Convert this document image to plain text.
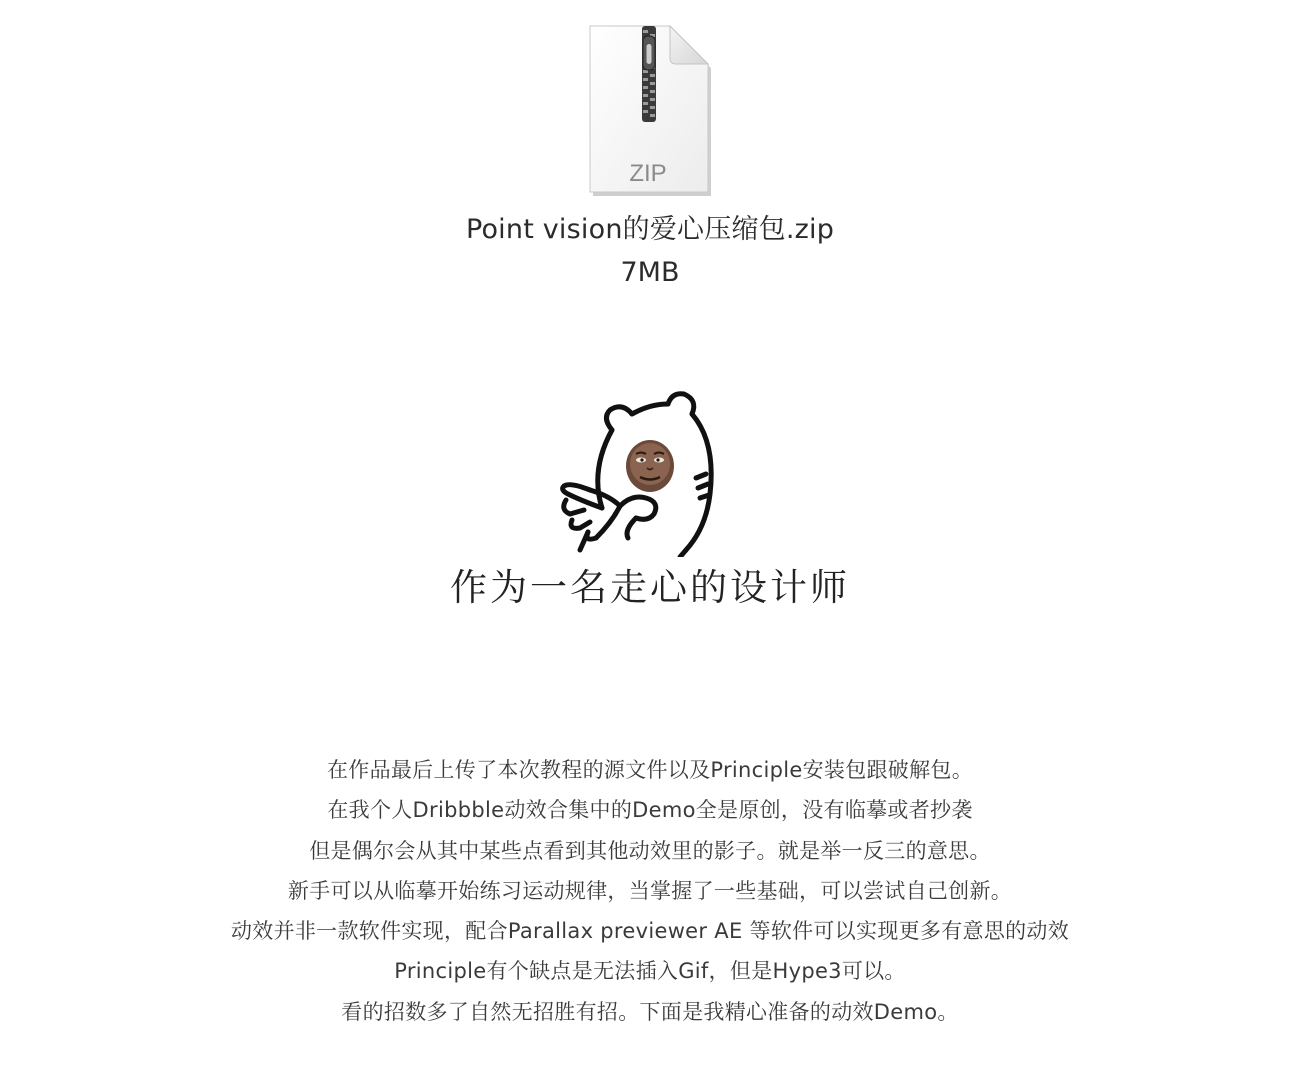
ZIP
Point vision的爱心压缩包.zip
7MB
作为一名走心的设计师
在作品最后上传了本次教程的源文件以及Principle安装包跟破解包。
在我个人Dribbble动效合集中的Demo全是原创，没有临摹或者抄袭
但是偶尔会从其中某些点看到其他动效里的影子。就是举一反三的意思。
新手可以从临摹开始练习运动规律，当掌握了一些基础，可以尝试自己创新。
动效并非一款软件实现，配合Parallax previewer AE 等软件可以实现更多有意思的动效
Principle有个缺点是无法插入Gif，但是Hype3可以。
看的招数多了自然无招胜有招。下面是我精心准备的动效Demo。
